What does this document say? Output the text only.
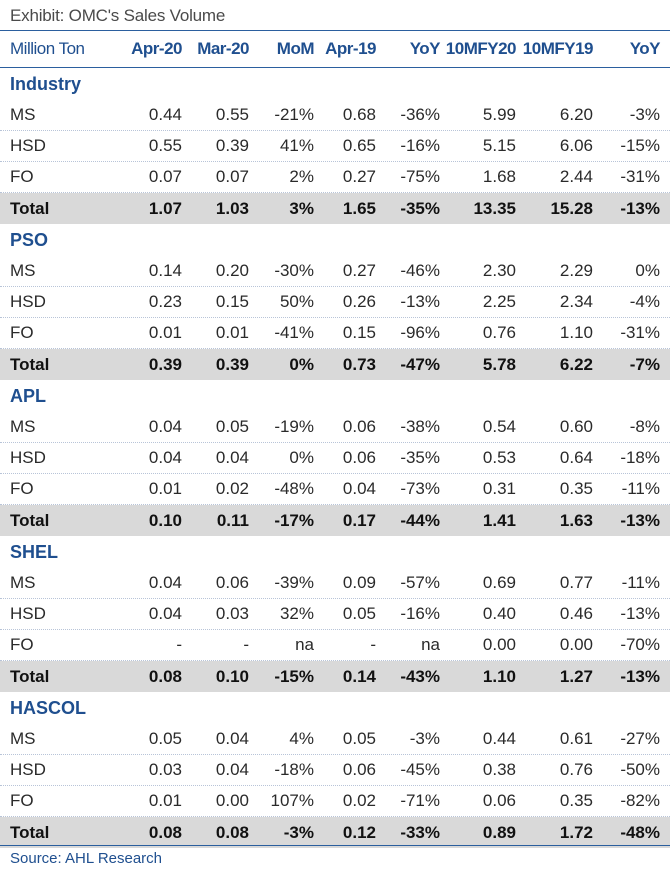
Exhibit: OMC's Sales Volume
Million Ton	Apr-20 Mar-20 MoM Apr-19 YoY 10MFY20 10MFY19 YoY
Industry
MS	0.44 0.55 -21% 0.68 -36%	5.99	6.20 -3%
HSD	0.55 0.39 41% 0.65 -16%	5.15	6.06 -15%
FO	0.07 0.07 2% 0.27 -75%	1.68	2.44 -31%
Total	1.07 1.03 3% 1.65 -35% 13.35 15.28 -13%
PSO
MS	0.14 0.20 -30% 0.27 -46%	2.30	2.29 0%
HSD	0.23 0.15 50% 0.26 -13%	2.25	2.34 -4%
FO	0.01 0.01 -41% 0.15 -96%	0.76	1.10 -31%
Total	0.39 0.39 0% 0.73 -47%	5.78	6.22 -7%
APL
MS	0.04 0.05 -19% 0.06 -38%	0.54	0.60 -8%
HSD	0.04 0.04 0% 0.06 -35%	0.53	0.64 -18%
FO	0.01 0.02 -48% 0.04 -73%	0.31	0.35 -11%
Total	0.10 0.11 -17% 0.17 -44%	1.41	1.63 -13%
SHEL
MS	0.04 0.06 -39% 0.09 -57%	0.69	0.77 -11%
HSD	0.04 0.03 32% 0.05 -16%	0.40	0.46 -13%
FO	-	-	na	-	na	0.00	0.00 -70%
Total	0.08 0.10 -15% 0.14 -43%	1.10	1.27 -13%
HASCOL
MS	0.05 0.04 4% 0.05 -3%	0.44	0.61 -27%
HSD	0.03 0.04 -18% 0.06 -45%	0.38	0.76 -50%
FO	0.01 0.00 107% 0.02 -71%	0.06	0.35 -82%
Total	0.08 0.08 -3% 0.12 -33%	0.89	1.72 -48%
Source: AHL Research
